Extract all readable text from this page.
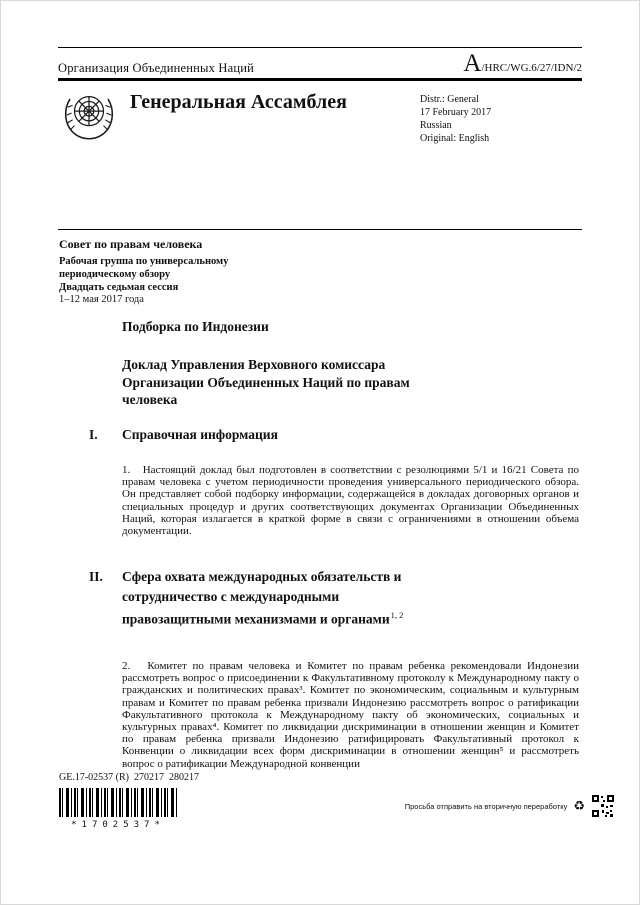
Организация Объединенных Наций	A /HRC/WG.6/27/IDN/2
Генеральная Ассамблея	Distr.: General
17 February 2017
Russian
Original: English

Совет по правам человека

Рабочая группа по универсальному периодическому обзору

Двадцать седьмая сессия

1–12 мая 2017 года

Подборка по Индонезии
Доклад Управления Верховного комиссара Организации Объединенных Наций по правам человека
I.	Справочная информация

1.   Настоящий доклад был подготовлен в соответствии с резолюциями 5/1 и 16/21 Совета по правам человека с учетом периодичности проведения универсального периодического обзора. Он представляет собой подборку информации, содержащейся в докладах договорных органов и специальных процедур и других соответствующих документах Организации Объединенных Наций, которая излагается в краткой форме в связи с ограничениями в отношении объема документации.

II.	Сфера охвата международных обязательств и сотрудничество с международными правозащитными механизмами и органами$^{1, 2}$

2.   Комитет по правам человека и Комитет по правам ребенка рекомендовали Индонезии рассмотреть вопрос о присоединении к Факультативному протоколу к Международному пакту о гражданских и политических правах³. Комитет по экономическим, социальным и культурным правам и Комитет по правам ребенка призвали Индонезию рассмотреть вопрос о ратификации Факультативного протокола к Международному пакту об экономических, социальных и культурных правах⁴. Комитет по ликвидации дискриминации в отношении женщин и Комитет по правам ребенка призвали Индонезию ратифицировать Факультативный протокол к Конвенции о ликвидации всех форм дискриминации в отношении женщин⁵ и рассмотреть вопрос о ратификации Международной конвенции

GE.17-02537 (R)  270217  280217
*1702537*
Просьба отправить на вторичную переработку ♻
